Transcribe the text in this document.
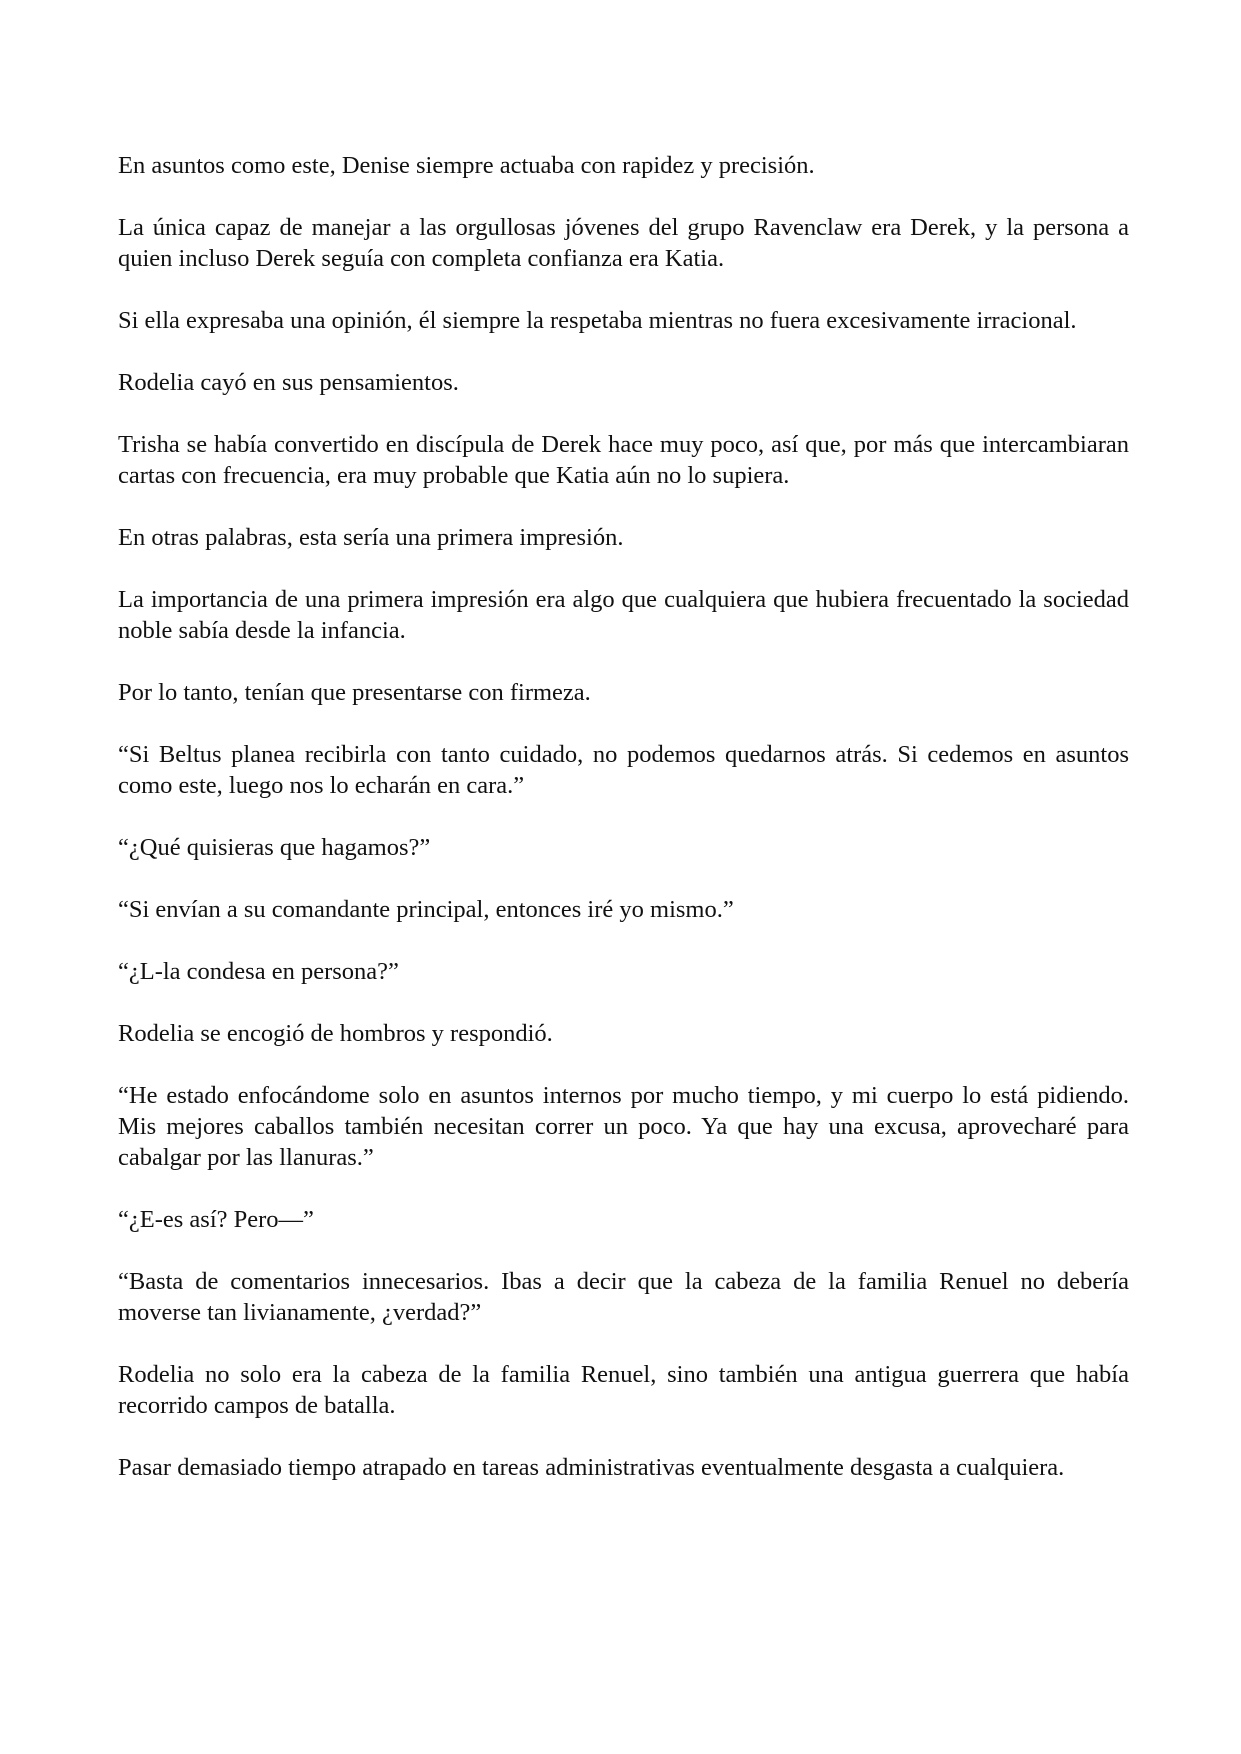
En asuntos como este, Denise siempre actuaba con rapidez y precisión.

La única capaz de manejar a las orgullosas jóvenes del grupo Ravenclaw era Derek, y la persona a quien incluso Derek seguía con completa confianza era Katia.

Si ella expresaba una opinión, él siempre la respetaba mientras no fuera excesivamente irracional.

Rodelia cayó en sus pensamientos.

Trisha se había convertido en discípula de Derek hace muy poco, así que, por más que intercambiaran cartas con frecuencia, era muy probable que Katia aún no lo supiera.

En otras palabras, esta sería una primera impresión.

La importancia de una primera impresión era algo que cualquiera que hubiera frecuentado la sociedad noble sabía desde la infancia.

Por lo tanto, tenían que presentarse con firmeza.

“Si Beltus planea recibirla con tanto cuidado, no podemos quedarnos atrás. Si cedemos en asuntos como este, luego nos lo echarán en cara.”

“¿Qué quisieras que hagamos?”

“Si envían a su comandante principal, entonces iré yo mismo.”

“¿L-la condesa en persona?”

Rodelia se encogió de hombros y respondió.

“He estado enfocándome solo en asuntos internos por mucho tiempo, y mi cuerpo lo está pidiendo. Mis mejores caballos también necesitan correr un poco. Ya que hay una excusa, aprovecharé para cabalgar por las llanuras.”

“¿E-es así? Pero—”

“Basta de comentarios innecesarios. Ibas a decir que la cabeza de la familia Renuel no debería moverse tan livianamente, ¿verdad?”

Rodelia no solo era la cabeza de la familia Renuel, sino también una antigua guerrera que había recorrido campos de batalla.

Pasar demasiado tiempo atrapado en tareas administrativas eventualmente desgasta a cualquiera.
